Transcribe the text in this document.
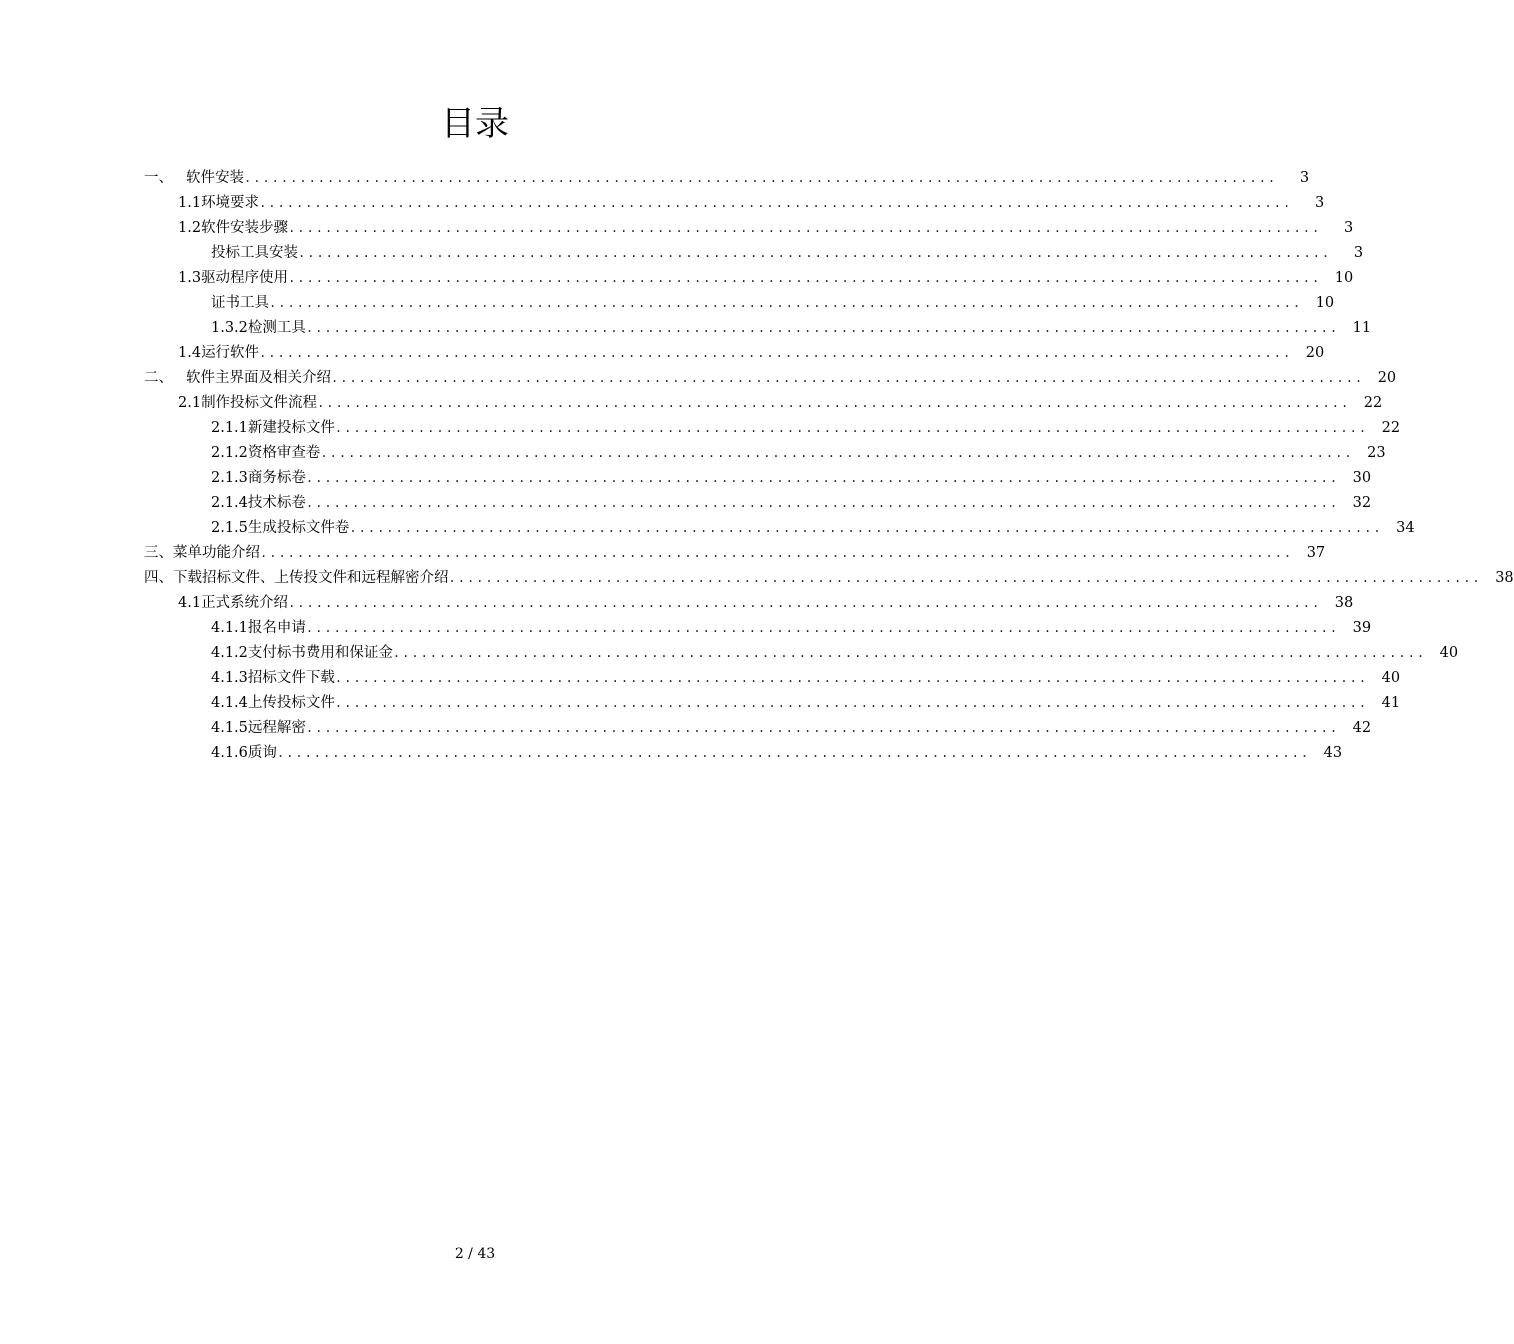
目录
一、 软件安装 ................................................................................................................	3
1.1 环境要求 ................................................................................................................	3
1.2 软件安装步骤 ................................................................................................................	3
投标工具安装 ................................................................................................................	3
1.3 驱动程序使用 ................................................................................................................ 10
证书工具 ................................................................................................................ 10
1.3.2 检测工具 ................................................................................................................ 11
1.4 运行软件 ................................................................................................................ 20
二、 软件主界面及相关介绍 ................................................................................................................ 20
2.1 制作投标文件流程 ................................................................................................................ 22
2.1.1 新建投标文件 ................................................................................................................ 22
2.1.2 资格审查卷 ................................................................................................................ 23
2.1.3 商务标卷 ................................................................................................................ 30
2.1.4 技术标卷 ................................................................................................................ 32
2.1.5 生成投标文件卷 ................................................................................................................ 34
三、 菜单功能介绍 ................................................................................................................ 37
四、 下载招标文件、上传投文件和远程解密介绍 ................................................................................................................ 38
4.1 正式系统介绍 ................................................................................................................ 38
4.1.1 报名申请 ................................................................................................................ 39
4.1.2 支付标书费用和保证金 ................................................................................................................ 40
4.1.3 招标文件下载 ................................................................................................................ 40
4.1.4 上传投标文件 ................................................................................................................ 41
4.1.5 远程解密 ................................................................................................................ 42
4.1.6 质询 ................................................................................................................ 43
2 / 43
